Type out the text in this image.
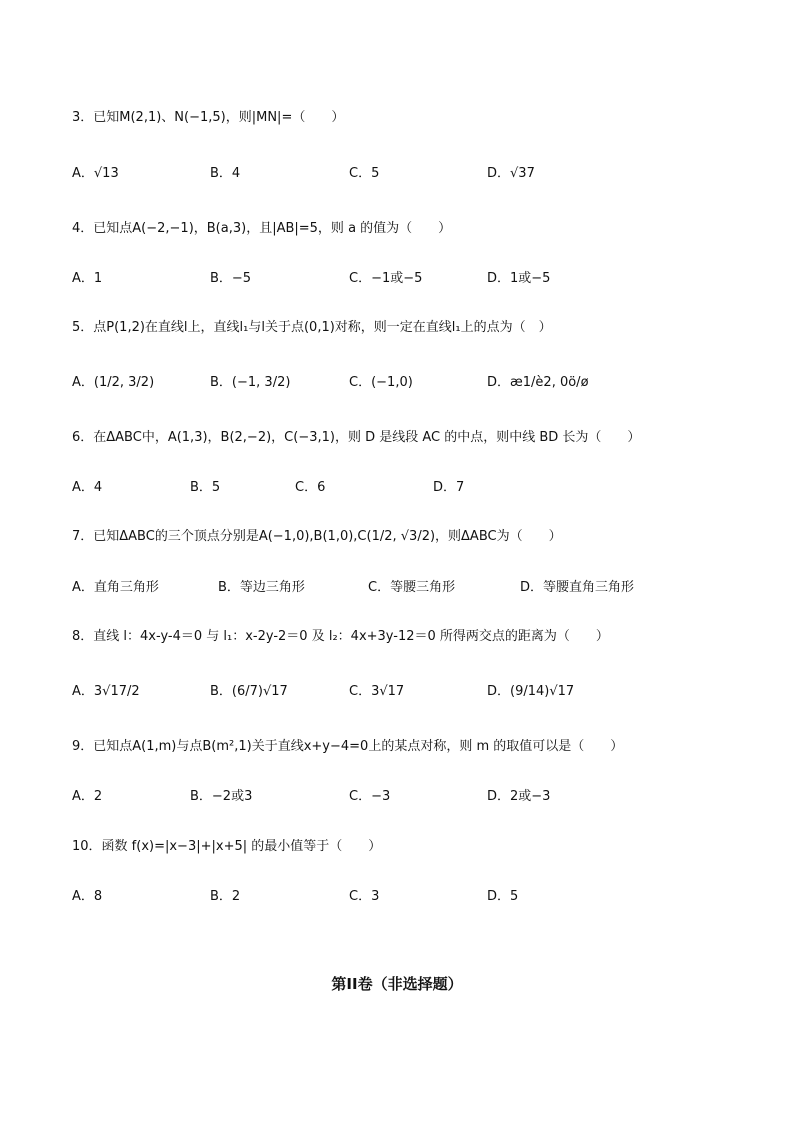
3．已知M(2,1)、N(−1,5)，则|MN|=（　　）
A．√13	B．4	C．5	D．√37
4．已知点A(−2,−1)，B(a,3)，且|AB|=5，则 a 的值为（　　）
A．1	B．−5	C．−1或−5	D．1或−5
5．点P(1,2)在直线l上，直线l₁与l关于点(0,1)对称，则一定在直线l₁上的点为（　）
A．(1/2, 3/2)	B．(−1, 3/2)	C．(−1,0)	D．æ1/è2, 0ö/ø
6．在ΔABC中，A(1,3)，B(2,−2)，C(−3,1)，则 D 是线段 AC 的中点，则中线 BD 长为（　　）
A．4	B．5	C．6	D．7
7．已知ΔABC的三个顶点分别是A(−1,0),B(1,0),C(1/2, √3/2)，则ΔABC为（　　）
A．直角三角形	B．等边三角形	C．等腰三角形	D．等腰直角三角形
8．直线 l：4x-y-4＝0 与 l₁：x-2y-2＝0 及 l₂：4x+3y-12＝0 所得两交点的距离为（　　）
A．3√17/2	B．(6/7)√17	C．3√17	D．(9/14)√17
9．已知点A(1,m)与点B(m²,1)关于直线x+y−4=0上的某点对称，则 m 的取值可以是（　　）
A．2	B．−2或3	C．−3	D．2或−3
10．函数 f(x)=|x−3|+|x+5| 的最小值等于（　　）
A．8	B．2	C．3	D．5
第II卷（非选择题）
